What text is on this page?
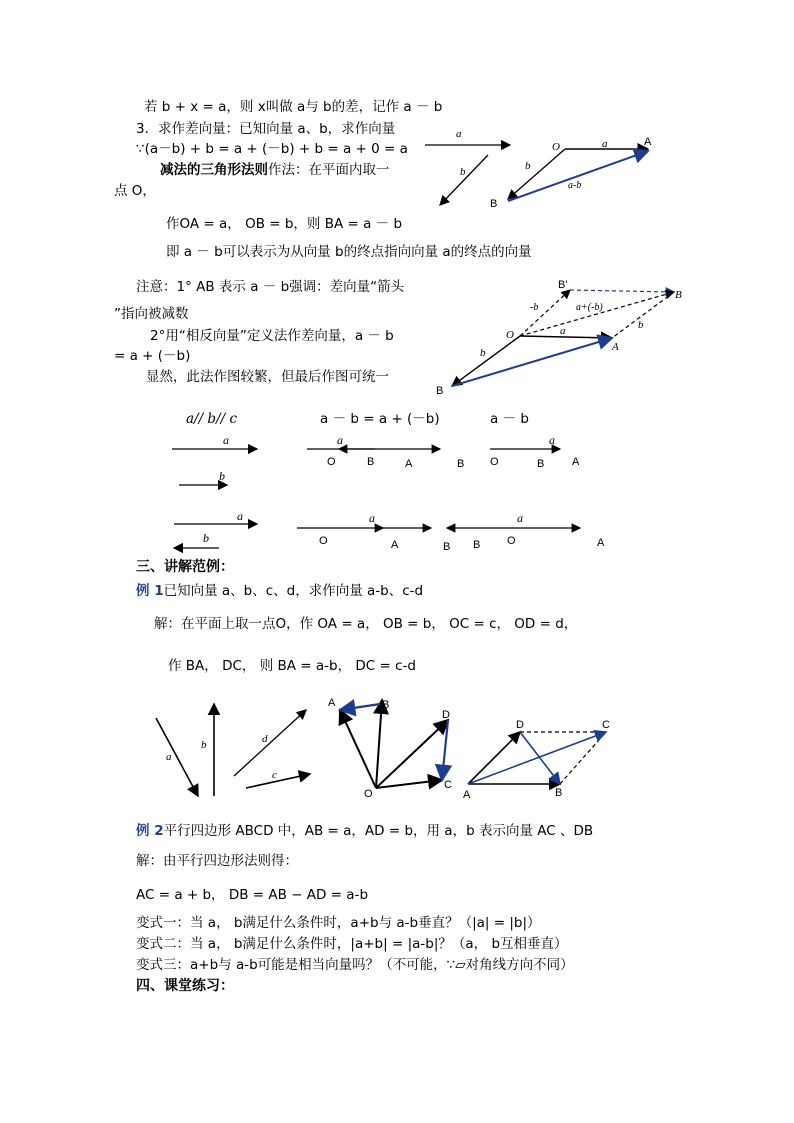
若 b + x = a，则 x叫做 a与 b的差，记作 a － b
3．求作差向量：已知向量 a、b，求作向量
∵(a－b) + b = a + (－b) + b = a + 0 = a
减法的三角形法则作法：在平面内取一
点 O，
作OA = a， OB = b，则 BA = a － b
即 a － b可以表示为从向量 b的终点指向向量 a的终点的向量
注意：1° AB 表示 a － b强调：差向量“箭头
”指向被减数
2°用“相反向量”定义法作差向量，a － b
= a + (－b)
显然，此法作图较繁，但最后作图可统一
a
b
O	A
B
a
b
a-b
O
A
B
B'
B
-b	a+(-b)
a
b
b
a// b// c	a － b = a + (－b)	a － b
a
b
a
O	B	A
a
B O	B	A
a
b
a
O	A
a
B B O	A
三、讲解范例：
例 1已知向量 a、b、c、d，求作向量 a-b、c-d
解：在平面上取一点O，作 OA = a， OB = b， OC = c， OD = d，
作 BA， DC， 则 BA = a-b， DC = c-d
a
b	d
c
O
A	B
C
D
A	B
C
D
例 2平行四边形 ABCD 中，AB = a，AD = b，用 a，b 表示向量 AC 、DB
解：由平行四边形法则得：
AC = a + b， DB = AB − AD = a-b
变式一：当 a， b满足什么条件时，a+b与 a-b垂直？（|a| = |b|）
变式二：当 a， b满足什么条件时，|a+b| = |a-b|？（a， b互相垂直）
变式三：a+b与 a-b可能是相当向量吗？（不可能，∵▱对角线方向不同）
四、课堂练习：
